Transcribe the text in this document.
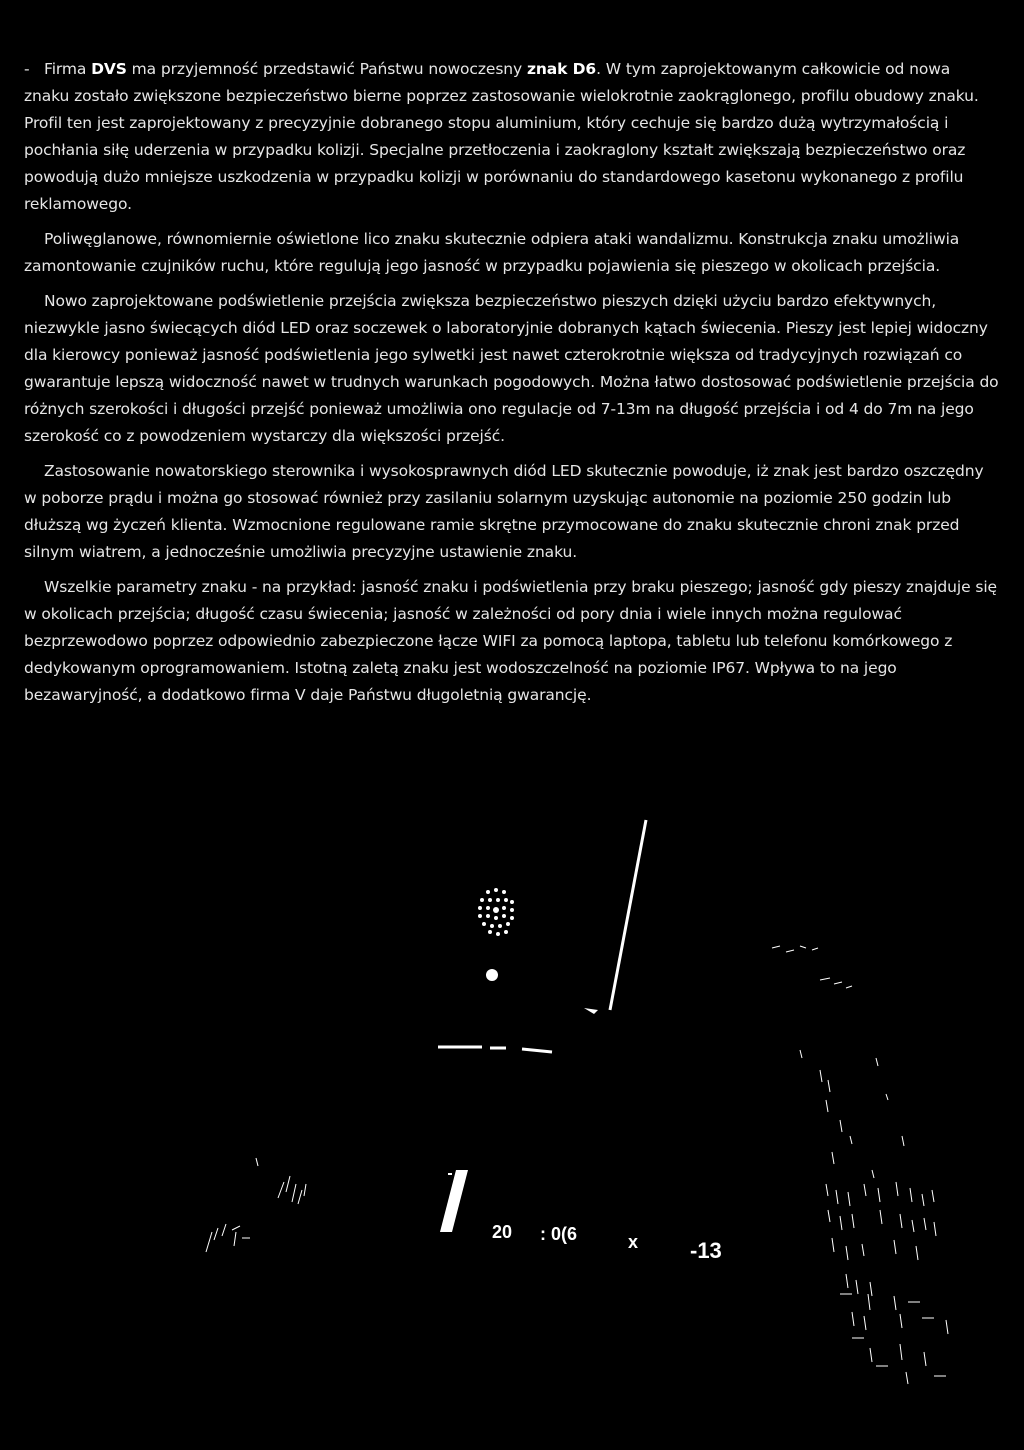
- Firma DVS ma przyjemność przedstawić Państwu nowoczesny znak D6. W tym zaprojektowanym całkowicie od nowa znaku zostało zwiększone bezpieczeństwo bierne poprzez zastosowanie wielokrotnie zaokrąglonego, profilu obudowy znaku. Profil ten jest zaprojektowany z precyzyjnie dobranego stopu aluminium, który cechuje się bardzo dużą wytrzymałością i pochłania siłę uderzenia w przypadku kolizji. Specjalne przetłoczenia i zaokraglony kształt zwiększają bezpieczeństwo oraz powodują dużo mniejsze uszkodzenia w przypadku kolizji w porównaniu do standardowego kasetonu wykonanego z profilu reklamowego.

Poliwęglanowe, równomiernie oświetlone lico znaku skutecznie odpiera ataki wandalizmu. Konstrukcja znaku umożliwia zamontowanie czujników ruchu, które regulują jego jasność w przypadku pojawienia się pieszego w okolicach przejścia.

Nowo zaprojektowane podświetlenie przejścia zwiększa bezpieczeństwo pieszych dzięki użyciu bardzo efektywnych, niezwykle jasno świecących diód LED oraz soczewek o laboratoryjnie dobranych kątach świecenia. Pieszy jest lepiej widoczny dla kierowcy ponieważ jasność podświetlenia jego sylwetki jest nawet czterokrotnie większa od tradycyjnych rozwiązań co gwarantuje lepszą widoczność nawet w trudnych warunkach pogodowych. Można łatwo dostosować podświetlenie przejścia do różnych szerokości i długości przejść ponieważ umożliwia ono regulacje od 7-13m na długość przejścia i od 4 do 7m na jego szerokość co z powodzeniem wystarczy dla większości przejść.

Zastosowanie nowatorskiego sterownika i wysokosprawnych diód LED skutecznie powoduje, iż znak jest bardzo oszczędny w poborze prądu i można go stosować również przy zasilaniu solarnym uzyskując autonomie na poziomie 250 godzin lub dłuższą wg życzeń klienta. Wzmocnione regulowane ramie skrętne przymocowane do znaku skutecznie chroni znak przed silnym wiatrem, a jednocześnie umożliwia precyzyjne ustawienie znaku.

Wszelkie parametry znaku - na przykład: jasność znaku i podświetlenia przy braku pieszego; jasność gdy pieszy znajduje się w okolicach przejścia; długość czasu świecenia; jasność w zależności od pory dnia i wiele innych można regulować bezprzewodowo poprzez odpowiednio zabezpieczone łącze WIFI za pomocą laptopa, tabletu lub telefonu komórkowego z dedykowanym oprogramowaniem. Istotną zaletą znaku jest wodoszczelność na poziomie IP67. Wpływa to na jego bezawaryjność, a dodatkowo firma V daje Państwu długoletnią gwarancję.

20 : 0(6	x -13
